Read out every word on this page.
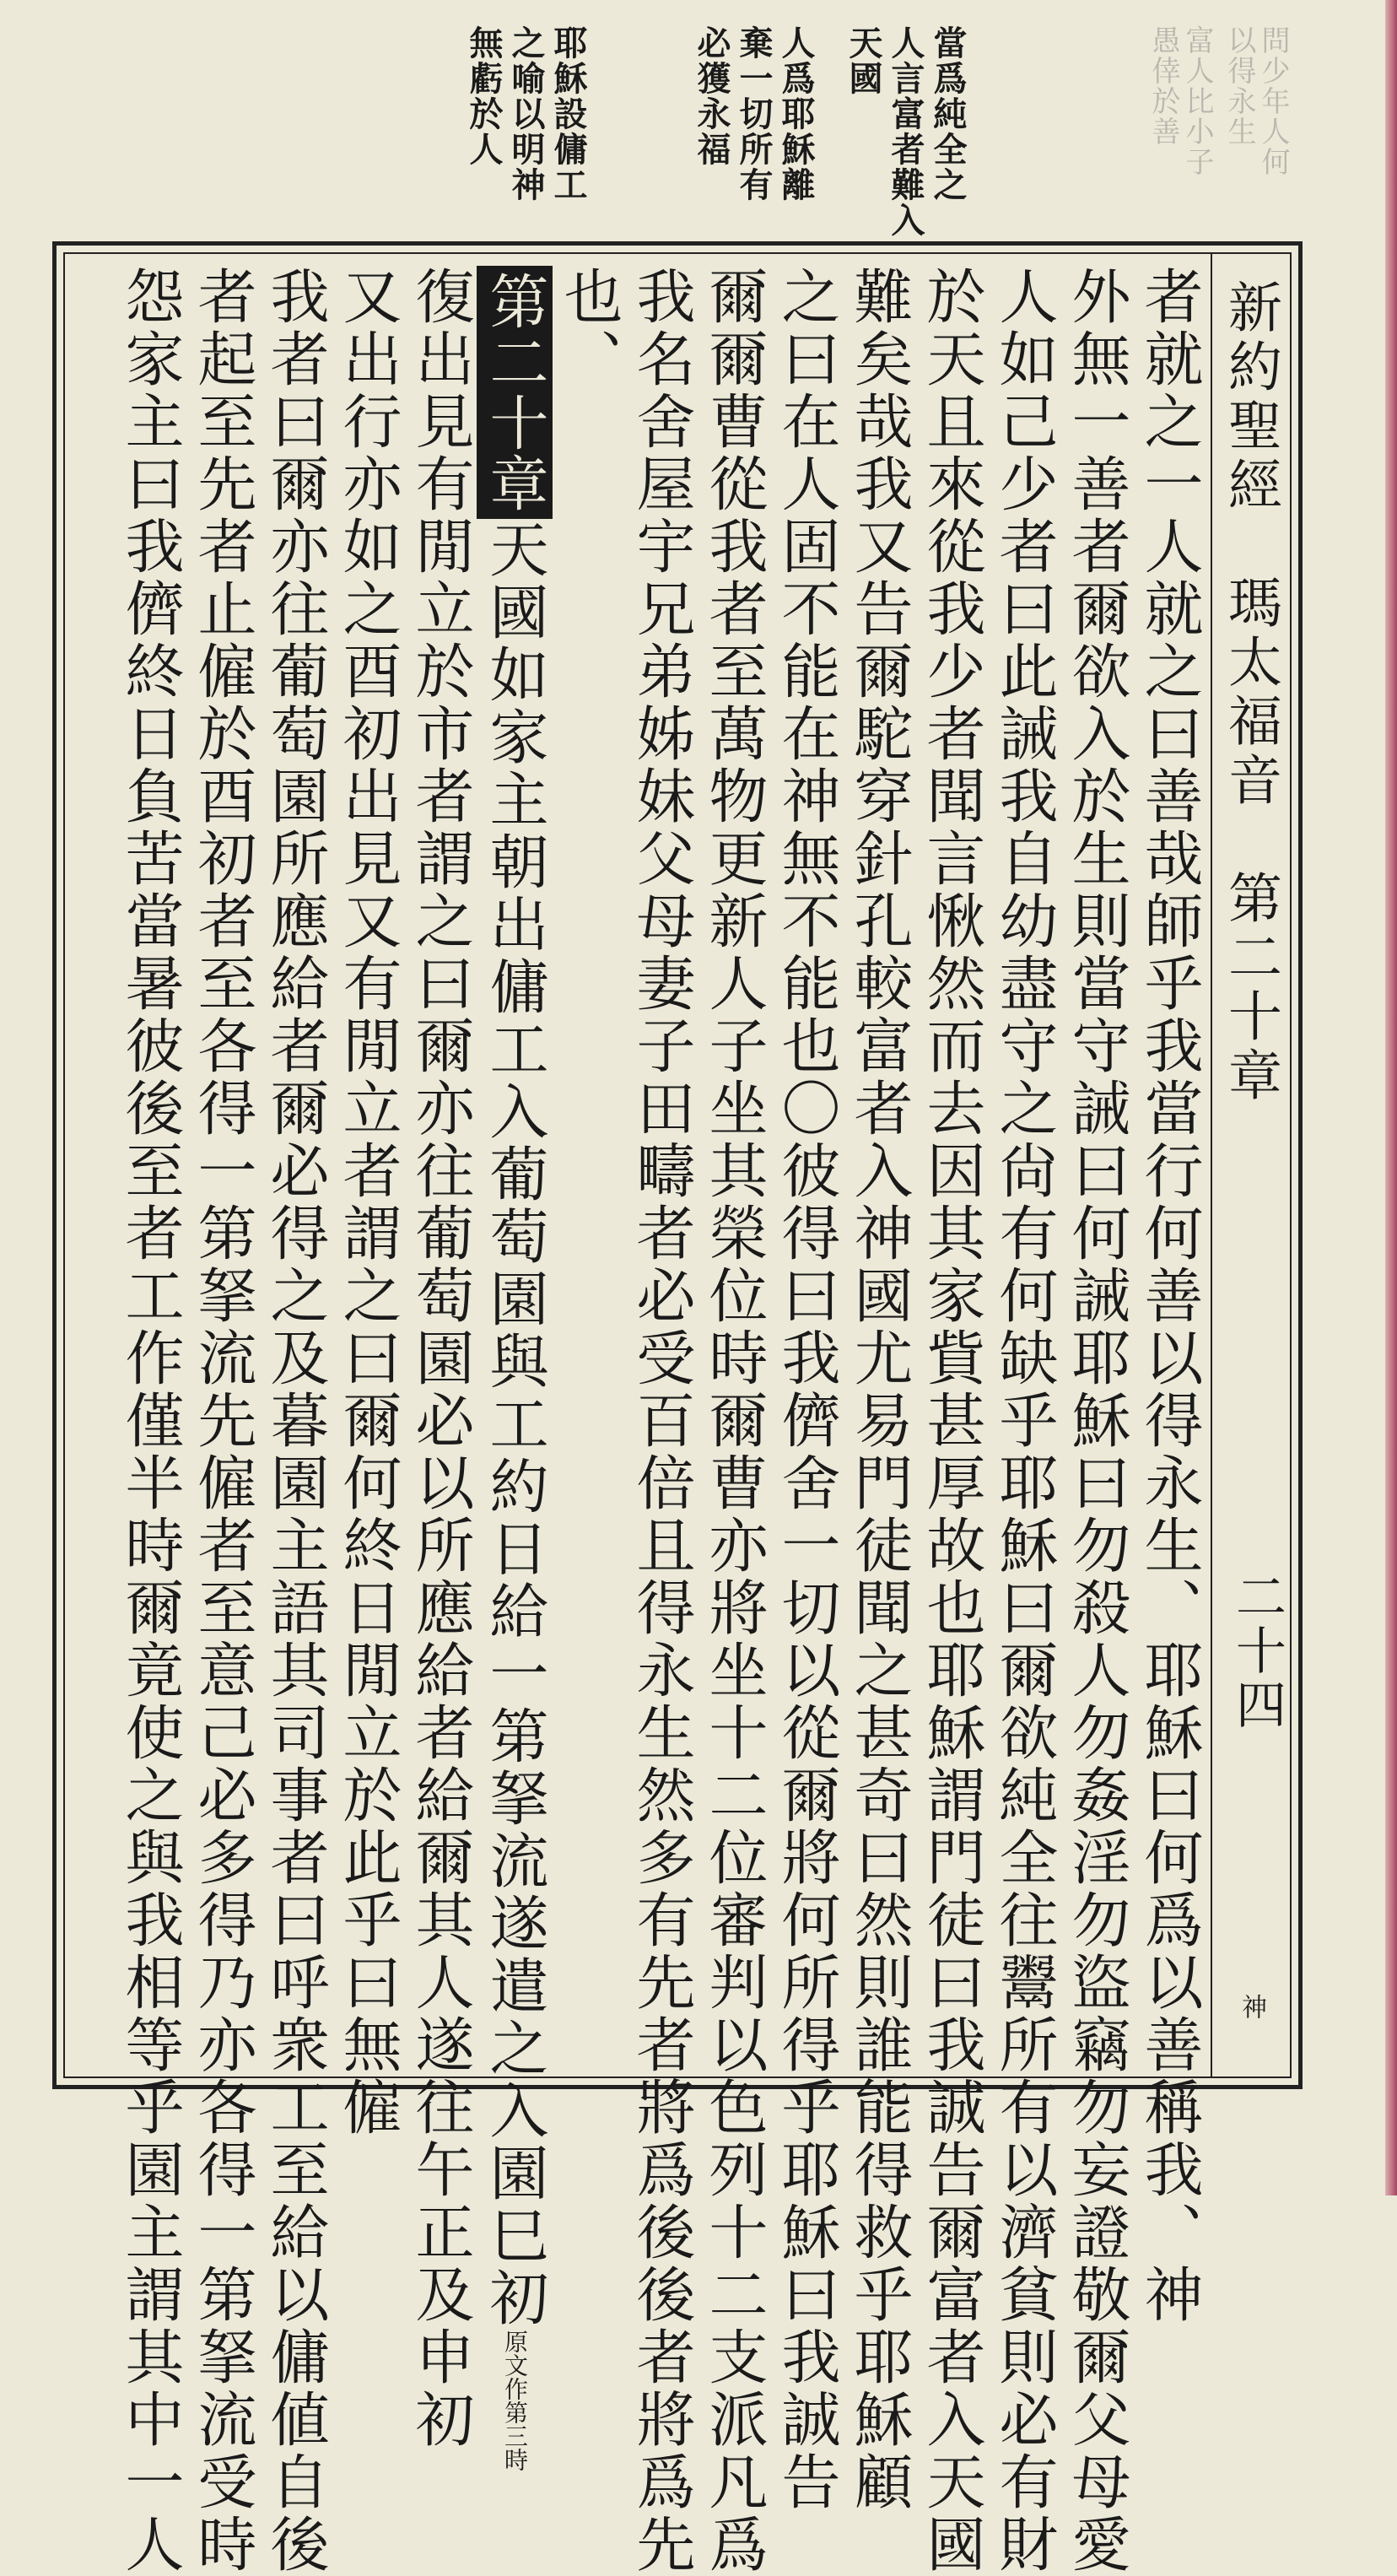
問少年人何
以得永生
富人比小子
愚倖於善
當爲純全之
人言富者難入
天國
人爲耶穌離
棄一切所有
必獲永福
耶穌設傭工
之喻以明神
無虧於人
新約聖經　瑪太福音　第二十章
二十四
神
者就之一人就之曰善哉師乎我當行何善以得永生、耶穌曰何爲以善稱我、神
外無一善者爾欲入於生則當守誡曰何誡耶穌曰勿殺人勿姦淫勿盜竊勿妄證敬爾父母愛
人如己少者曰此誡我自幼盡守之尙有何缺乎耶穌曰爾欲純全往鬻所有以濟貧則必有財
於天且來從我少者聞言愀然而去因其家貲甚厚故也耶穌謂門徒曰我誠告爾富者入天國
難矣哉我又告爾駝穿針孔較富者入神國尤易門徒聞之甚奇曰然則誰能得救乎耶穌顧
之曰在人固不能在神無不能也〇彼得曰我儕舍一切以從爾將何所得乎耶穌曰我誠告
爾爾曹從我者至萬物更新人子坐其榮位時爾曹亦將坐十二位審判以色列十二支派凡爲
我名舍屋宇兄弟姊妹父母妻子田疇者必受百倍且得永生然多有先者將爲後後者將爲先
也、
第二十章天國如家主朝出傭工入葡萄園與工約日給一第拏流遂遣之入園巳初原文作第三時
復出見有閒立於市者謂之曰爾亦往葡萄園必以所應給者給爾其人遂往午正及申初
又出行亦如之酉初出見又有閒立者謂之曰爾何終日閒立於此乎曰無僱
我者曰爾亦往葡萄園所應給者爾必得之及暮園主語其司事者曰呼衆工至給以傭値自後
者起至先者止僱於酉初者至各得一第拏流先僱者至意己必多得乃亦各得一第拏流受時
怨家主曰我儕終日負苦當暑彼後至者工作僅半時爾竟使之與我相等乎園主謂其中一人
